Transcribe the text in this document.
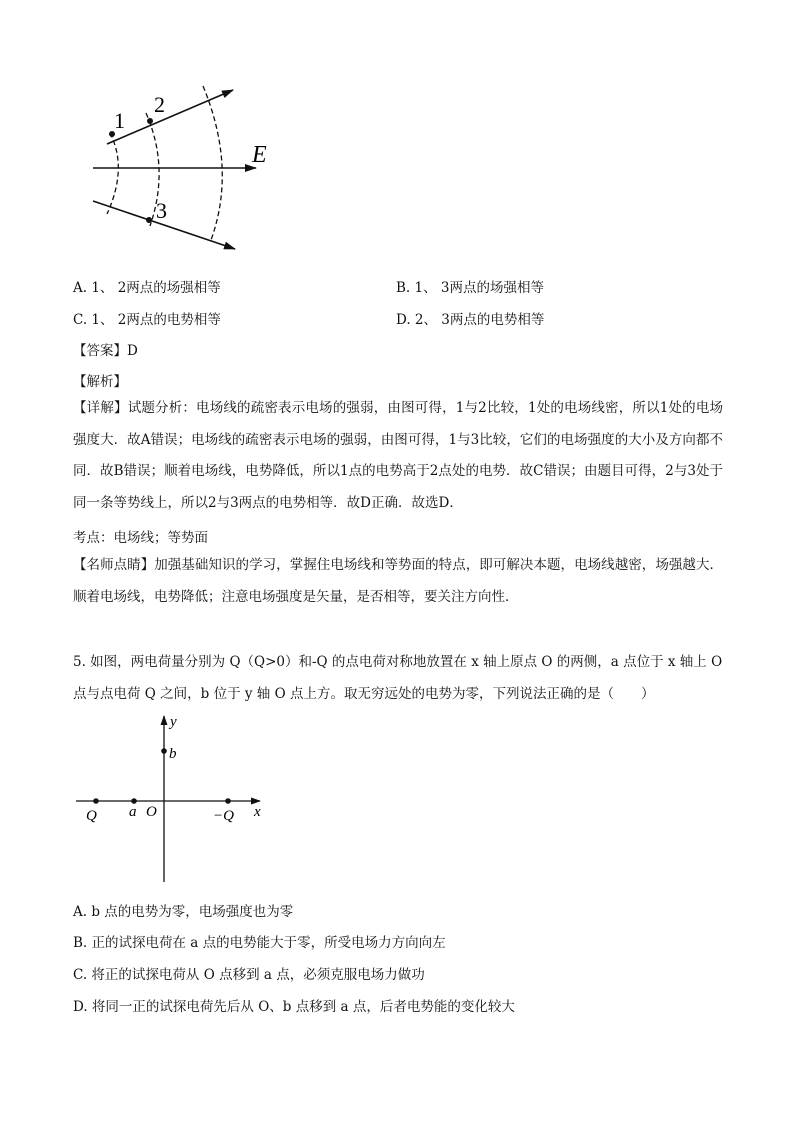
1
2
3
E
A. 1、 2两点的场强相等	B. 1、 3两点的场强相等
C. 1、 2两点的电势相等	D. 2、 3两点的电势相等
【答案】D
【解析】
【详解】试题分析：电场线的疏密表示电场的强弱，由图可得，1与2比较，1处的电场线密，所以1处的电场强度大．故A错误；电场线的疏密表示电场的强弱，由图可得，1与3比较，它们的电场强度的大小及方向都不同．故B错误；顺着电场线，电势降低，所以1点的电势高于2点处的电势．故C错误；由题目可得，2与3处于同一条等势线上，所以2与3两点的电势相等．故D正确．故选D．
考点：电场线；等势面
【名师点睛】加强基础知识的学习，掌握住电场线和等势面的特点，即可解决本题，电场线越密，场强越大．顺着电场线，电势降低；注意电场强度是矢量，是否相等，要关注方向性．
5. 如图，两电荷量分别为 Q（Q>0）和-Q 的点电荷对称地放置在 x 轴上原点 O 的两侧，a 点位于 x 轴上 O
点与点电荷 Q 之间，b 位于 y 轴 O 点上方。取无穷远处的电势为零，下列说法正确的是（　　）
y
b
Q a O	−Q x
A. b 点的电势为零，电场强度也为零
B. 正的试探电荷在 a 点的电势能大于零，所受电场力方向向左
C. 将正的试探电荷从 O 点移到 a 点，必须克服电场力做功
D. 将同一正的试探电荷先后从 O、b 点移到 a 点，后者电势能的变化较大
